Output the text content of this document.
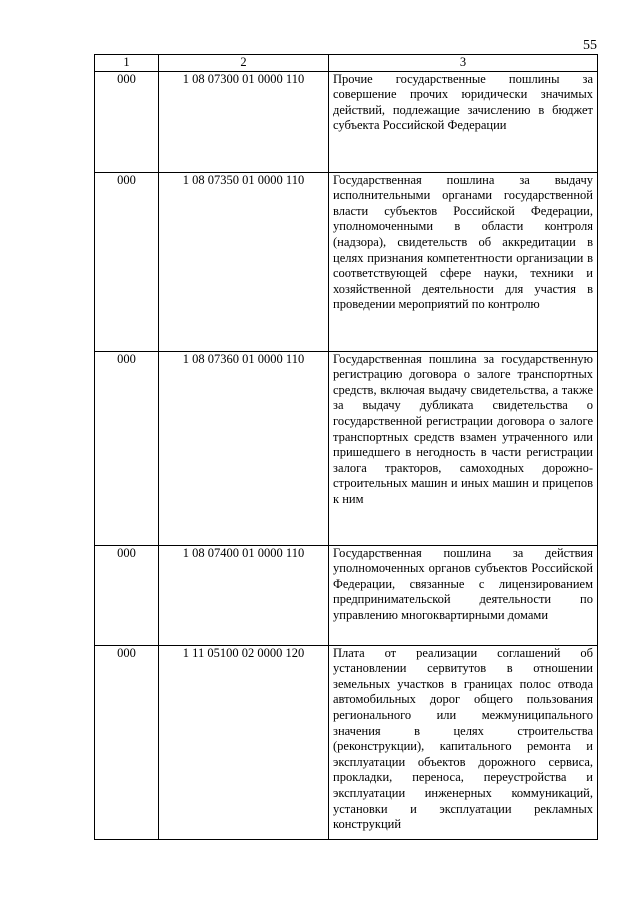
55
1	2	3
000	1 08 07300 01 0000 110	Прочие государственные пошлины за совершение прочих юридически значимых действий, подлежащие зачислению в бюджет субъекта Российской Федерации
000	1 08 07350 01 0000 110	Государственная пошлина за выдачу исполнительными органами государственной власти субъектов Российской Федерации, уполномоченными в области контроля (надзора), свидетельств об аккредитации в целях признания компетентности организации в соответствующей сфере науки, техники и хозяйственной деятельности для участия в проведении мероприятий по контролю
000	1 08 07360 01 0000 110	Государственная пошлина за государственную регистрацию договора о залоге транспортных средств, включая выдачу свидетельства, а также за выдачу дубликата свидетельства о государственной регистрации договора о залоге транспортных средств взамен утраченного или пришедшего в негодность в части регистрации залога тракторов, самоходных дорожно-строительных машин и иных машин и прицепов к ним
000	1 08 07400 01 0000 110	Государственная пошлина за действия уполномоченных органов субъектов Российской Федерации, связанные с лицензированием предпринимательской деятельности по управлению многоквартирными домами
000	1 11 05100 02 0000 120	Плата от реализации соглашений об установлении сервитутов в отношении земельных участков в границах полос отвода автомобильных дорог общего пользования регионального или межмуниципального значения в целях строительства (реконструкции), капитального ремонта и эксплуатации объектов дорожного сервиса, прокладки, переноса, переустройства и эксплуатации инженерных коммуникаций, установки и эксплуатации рекламных конструкций
